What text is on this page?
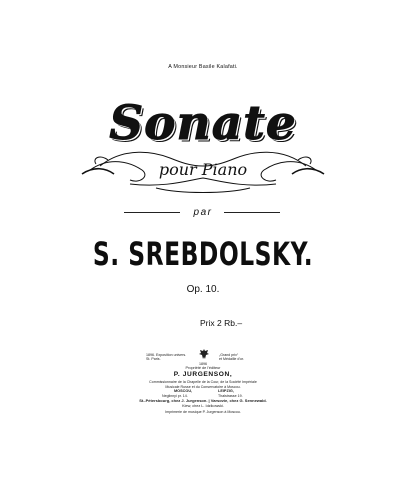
A Monsieur Basile Kalafati.
Sonate
pour Piano
par
S. SREBDOLSKY.
Op. 10.
Prix 2 Rb.–
1896. Exposition univers.
St. Paris.
„Grand prix“
et Médaille d'or.
1896
Propriété de l'éditeur
P. JURGENSON,
Commissionnaire de la Chapelle de la Cour, de la Société Impériale
Musicale Russe et du Conservatoire à Moscou.
MOSCOU,	LEIPZIG,
Neglinnyi pr. 14.	Thalstrasse 19.
St.-Pétersbourg, chez J. Jurgenson. | Varsovie, chez G. Sennewald.
Kiew, chez L. Idzikowski.
Imprimerie de musique P. Jurgenson à Moscou.
